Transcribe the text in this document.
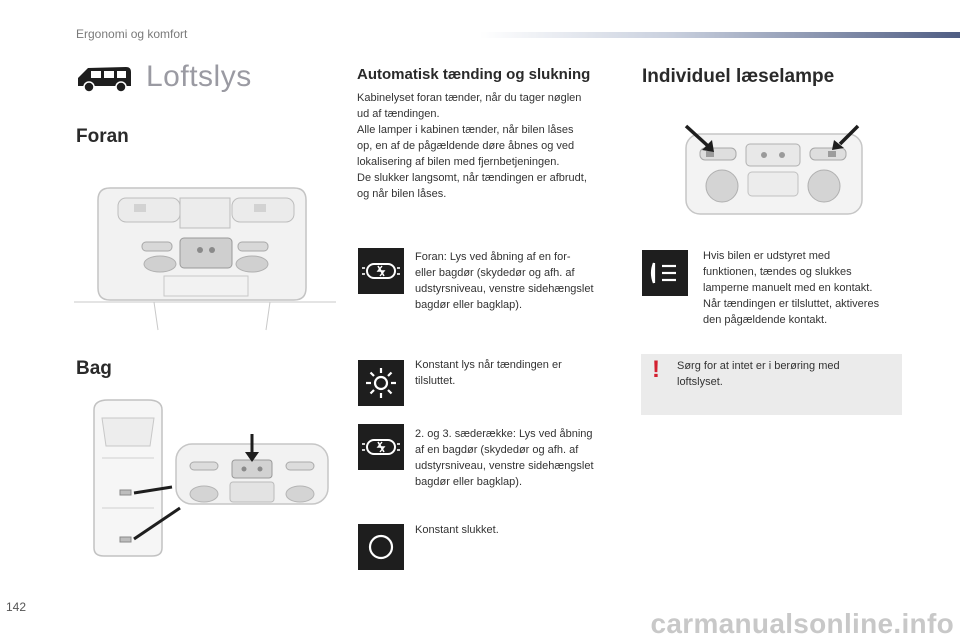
Ergonomi og komfort
Loftslys
Foran
Bag
Automatisk tænding og slukning
Kabinelyset foran tænder, når du tager nøglen
ud af tændingen.
Alle lamper i kabinen tænder, når bilen låses
op, en af de pågældende døre åbnes og ved
lokalisering af bilen med fjernbetjeningen.
De slukker langsomt, når tændingen er afbrudt,
og når bilen låses.
Foran: Lys ved åbning af en for-
eller bagdør (skydedør og afh. af
udstyrsniveau, venstre sidehængslet
bagdør eller bagklap).
Konstant lys når tændingen er
tilsluttet.
2. og 3. sæderække: Lys ved åbning
af en bagdør (skydedør og afh. af
udstyrsniveau, venstre sidehængslet
bagdør eller bagklap).
Konstant slukket.
Individuel læselampe
Hvis bilen er udstyret med
funktionen, tændes og slukkes
lamperne manuelt med en kontakt.
Når tændingen er tilsluttet, aktiveres
den pågældende kontakt.
! Sørg for at intet er i berøring med
loftslyset.
142
carmanualsonline.info
